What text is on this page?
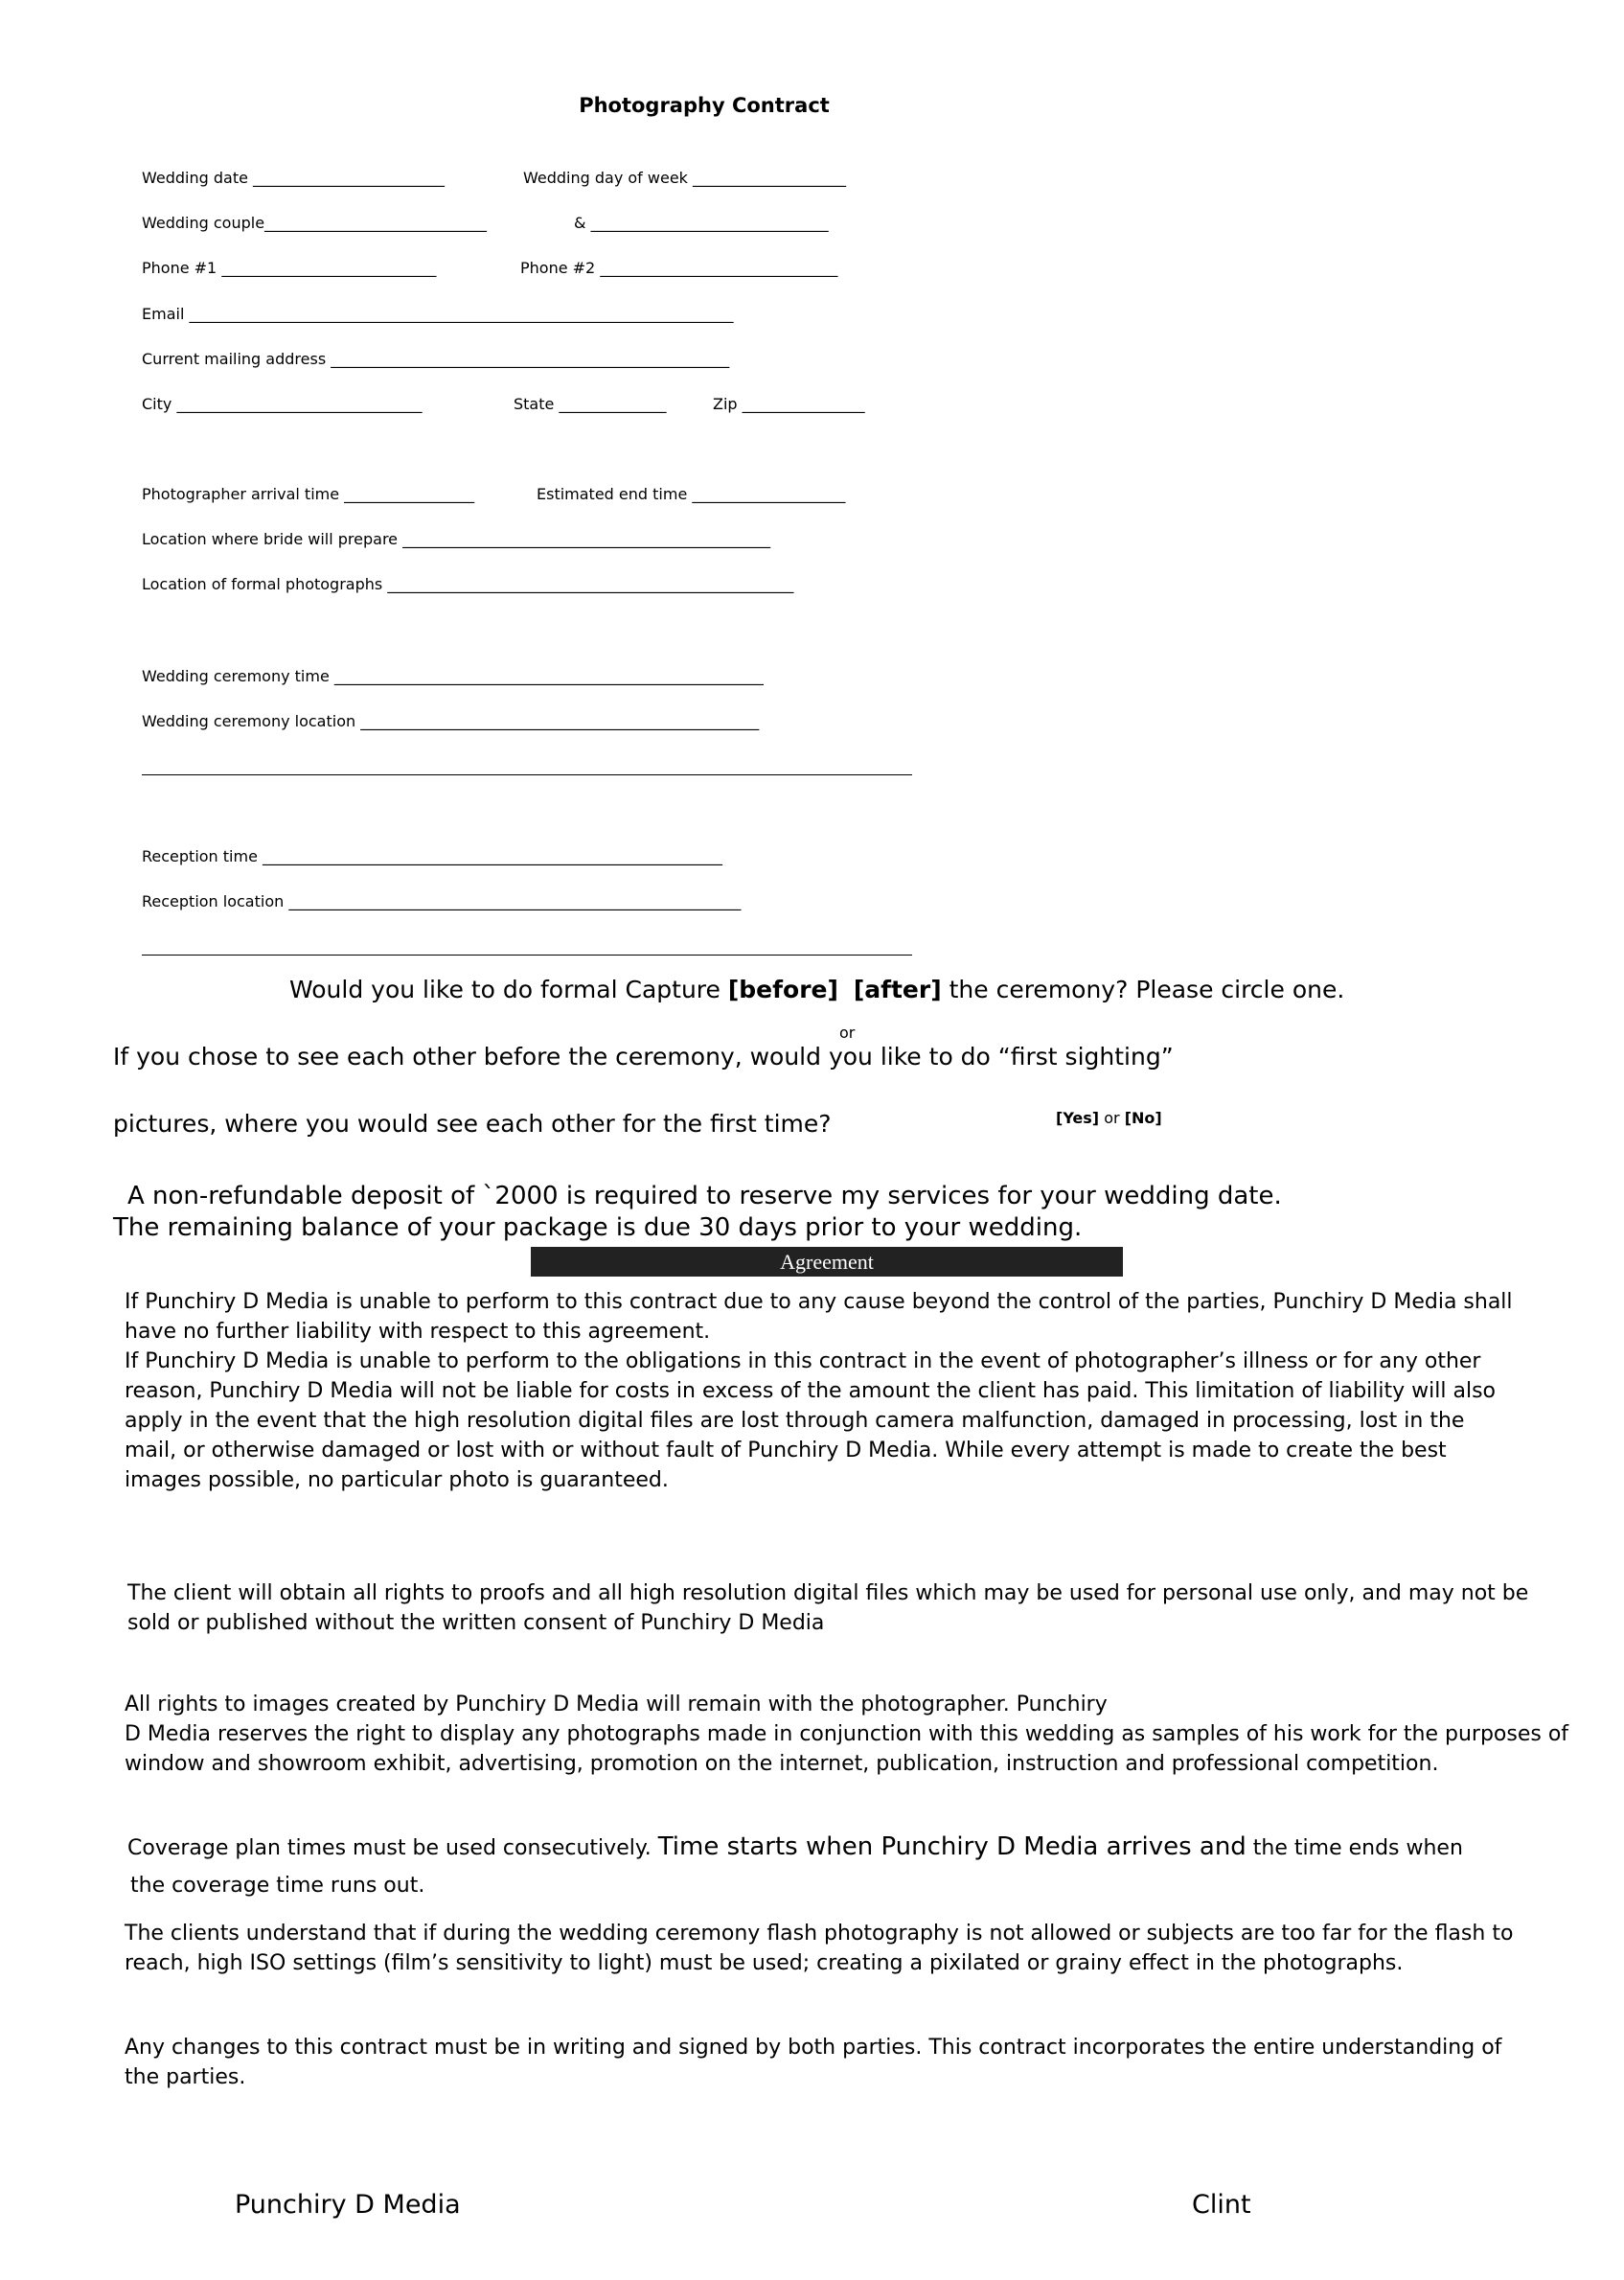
Photography Contract
Wedding date _________________________	Wedding day of week ____________________
Wedding couple_____________________________	& _______________________________
Phone #1 ____________________________	Phone #2 _______________________________
Email _______________________________________________________________________
Current mailing address ____________________________________________________
City ________________________________	State ______________	Zip ________________
Photographer arrival time _________________	Estimated end time ____________________
Location where bride will prepare ________________________________________________
Location of formal photographs _____________________________________________________
Wedding ceremony time ________________________________________________________
Wedding ceremony location ____________________________________________________
Reception time ____________________________________________________________
Reception location ___________________________________________________________
Would you like to do formal Capture [before] [after] the ceremony? Please circle one.
or
If you chose to see each other before the ceremony, would you like to do “first sighting”
pictures, where you would see each other for the first time?	[Yes] or [No]
A non-refundable deposit of `2000 is required to reserve my services for your wedding date.
The remaining balance of your package is due 30 days prior to your wedding.
Agreement

If Punchiry D Media is unable to perform to this contract due to any cause beyond the control of the parties, Punchiry D Media shall have no further liability with respect to this agreement.

If Punchiry D Media is unable to perform to the obligations in this contract in the event of photographer’s illness or for any other reason, Punchiry D Media will not be liable for costs in excess of the amount the client has paid. This limitation of liability will also apply in the event that the high resolution digital files are lost through camera malfunction, damaged in processing, lost in the mail, or otherwise damaged or lost with or without fault of Punchiry D Media. While every attempt is made to create the best images possible, no particular photo is guaranteed.

The client will obtain all rights to proofs and all high resolution digital files which may be used for personal use only, and may not be sold or published without the written consent of Punchiry D Media

All rights to images created by Punchiry D Media will remain with the photographer. Punchiry

D Media reserves the right to display any photographs made in conjunction with this wedding as samples of his work for the purposes of window and showroom exhibit, advertising, promotion on the internet, publication, instruction and professional competition.

Coverage plan times must be used consecutively. Time starts when Punchiry D Media arrives and the time ends when
the coverage time runs out.
The clients understand that if during the wedding ceremony flash photography is not allowed or subjects are too far for the flash to reach, high ISO settings (film’s sensitivity to light) must be used; creating a pixilated or grainy effect in the photographs.
Any changes to this contract must be in writing and signed by both parties. This contract incorporates the entire understanding of the parties.
Punchiry D Media	Clint
